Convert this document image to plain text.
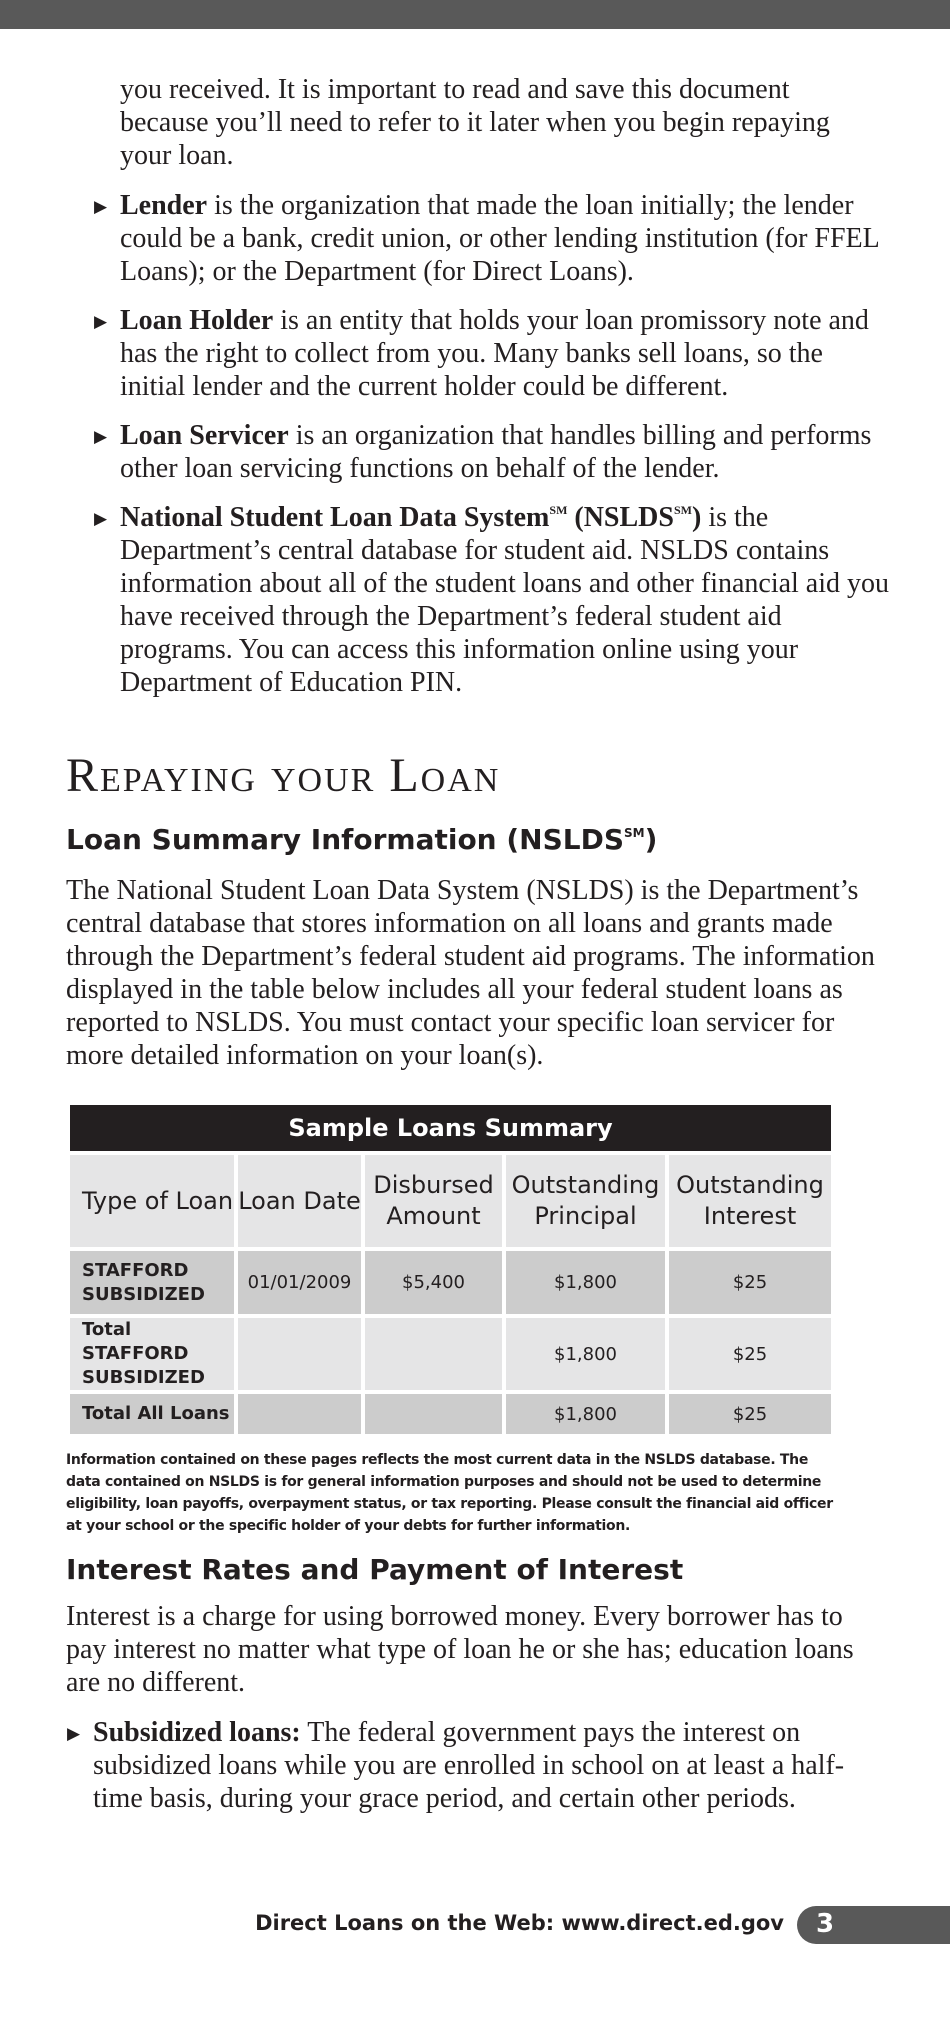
you received. It is important to read and save this document because you’ll need to refer to it later when you begin repaying your loan.

▶ Lender is the organization that made the loan initially; the lender could be a bank, credit union, or other lending institution (for FFEL Loans); or the Department (for Direct Loans).
▶ Loan Holder is an entity that holds your loan promissory note and has the right to collect from you. Many banks sell loans, so the initial lender and the current holder could be different.
▶ Loan Servicer is an organization that handles billing and performs other loan servicing functions on behalf of the lender.
▶ National Student Loan Data System℠ (NSLDS℠) is the Department’s central database for student aid. NSLDS contains information about all of the student loans and other financial aid you have received through the Department’s federal student aid programs. You can access this information online using your Department of Education PIN.
Repaying your Loan
Loan Summary Information (NSLDS℠)

The National Student Loan Data System (NSLDS) is the Department’s central database that stores information on all loans and grants made through the Department’s federal student aid programs. The information displayed in the table below includes all your federal student loans as reported to NSLDS. You must contact your specific loan servicer for more detailed information on your loan(s).

Sample Loans Summary				
Type of Loan	Loan Date	Disbursed Amount	Outstanding Principal	Outstanding Interest
STAFFORD SUBSIDIZED	01/01/2009	$5,400	$1,800	$25
Total STAFFORD SUBSIDIZED			$1,800	$25
Total All Loans			$1,800	$25

Information contained on these pages reflects the most current data in the NSLDS database. The data contained on NSLDS is for general information purposes and should not be used to determine eligibility, loan payoffs, overpayment status, or tax reporting. Please consult the financial aid officer at your school or the specific holder of your debts for further information.

Interest Rates and Payment of Interest

Interest is a charge for using borrowed money. Every borrower has to pay interest no matter what type of loan he or she has; education loans are no different.

▶ Subsidized loans: The federal government pays the interest on subsidized loans while you are enrolled in school on at least a half-time basis, during your grace period, and certain other periods.

Direct Loans on the Web: www.direct.ed.gov 3
